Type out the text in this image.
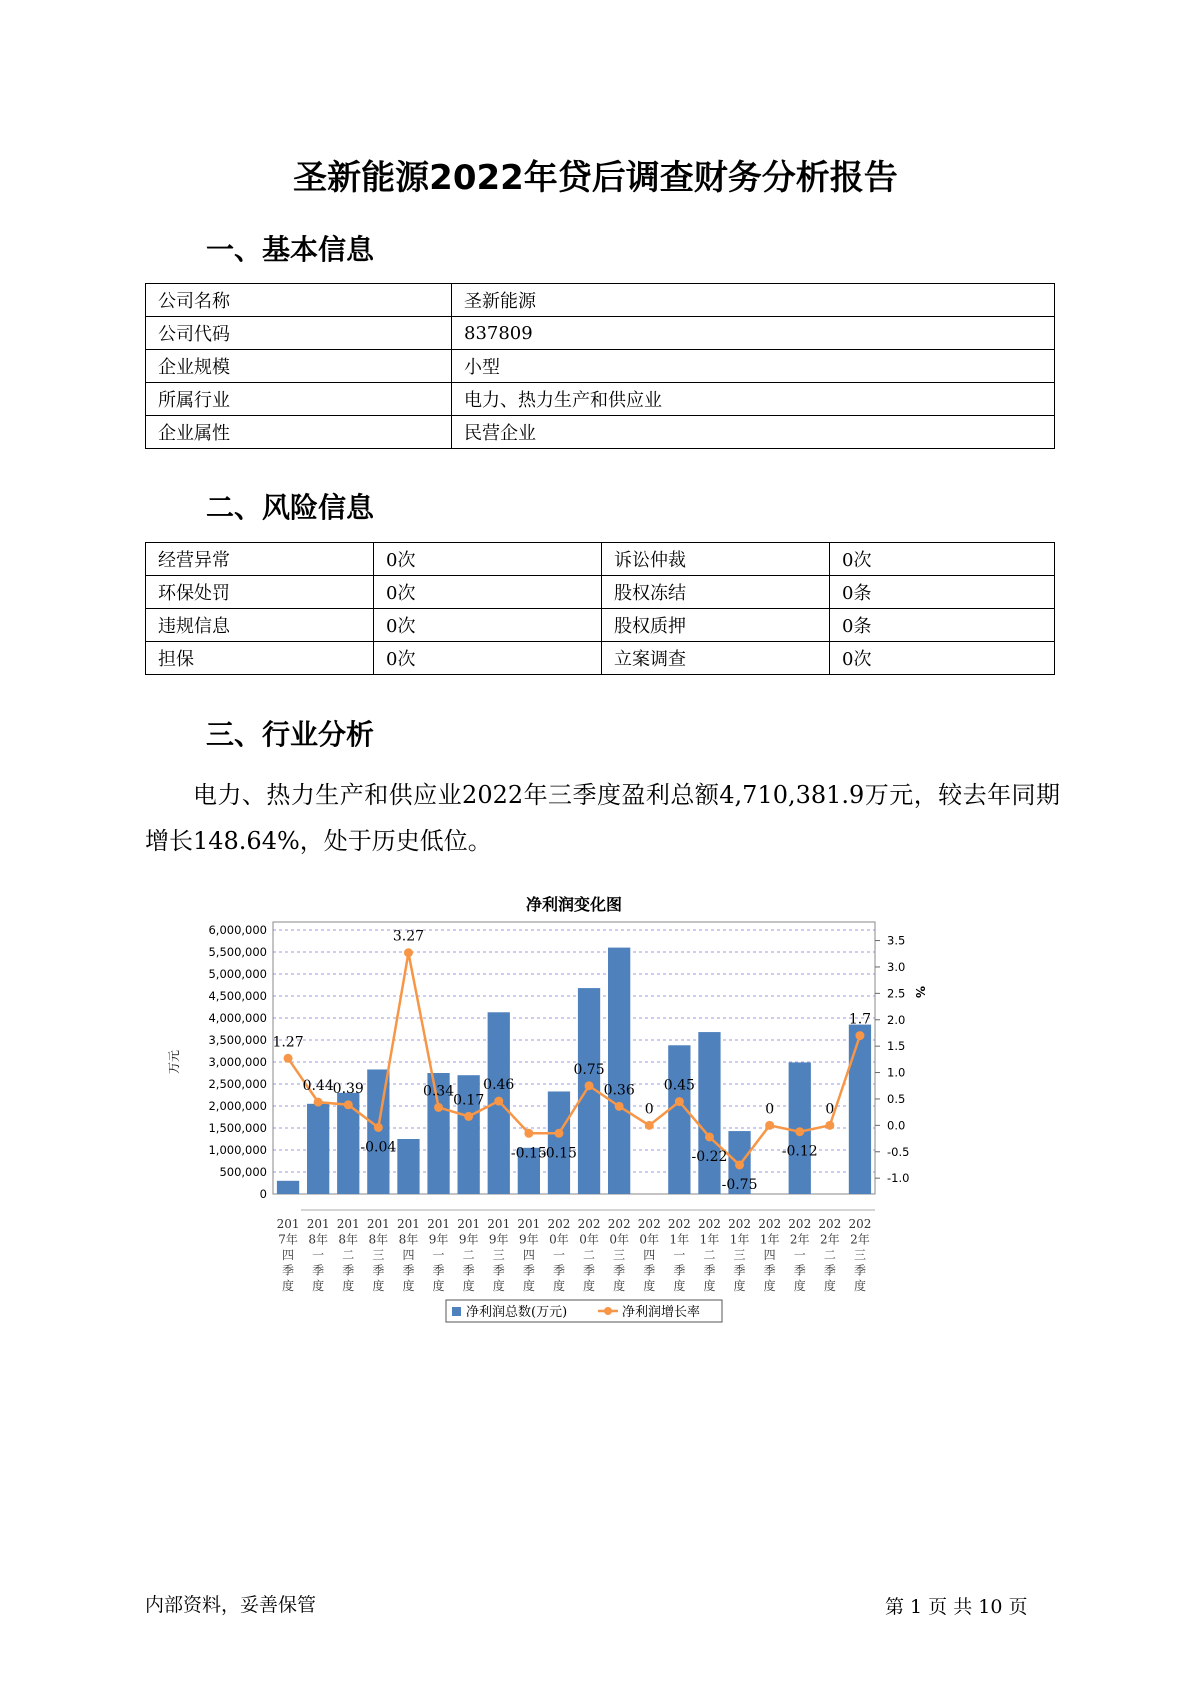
圣新能源2022年贷后调查财务分析报告
一、基本信息
公司名称	圣新能源
公司代码	837809
企业规模	小型
所属行业	电力、热力生产和供应业
企业属性	民营企业
二、风险信息
经营异常	0次	诉讼仲裁	0次
环保处罚	0次	股权冻结	0条
违规信息	0次	股权质押	0条
担保	0次	立案调查	0次
三、行业分析
电力、热力生产和供应业2022年三季度盈利总额4,710,381.9万元，较去年同期增长148.64%，处于历史低位。
净利润变化图
0
500,000
1,000,000
1,500,000
2,000,000
2,500,000
3,000,000
3,500,000
4,000,000
4,500,000
5,000,000
5,500,000
6,000,000
-1.0
-0.5
0.0
0.5
1.0
1.5
2.0
2.5
3.0
3.5
万元
%
201 7年四季度
201 8年一季度
201 8年二季度
201 8年三季度
201 8年四季度
201 9年一季度
201 9年二季度
201 9年三季度
201 9年四季度
202 0年一季度
202 0年二季度
202 0年三季度
202 0年四季度
202 1年一季度
202 1年二季度
202 1年三季度
202 1年四季度
202 2年一季度
202 2年二季度
202 2年三季度
1.27
0.44
0.39
-0.04
3.27
0.34
0.17
0.46
-0.15
-0.15
0.75
0.36
0
0.45
-0.22
-0.75
0
-0.12
0
1.7
净利润总数(万元)	净利润增长率
内部资料，妥善保管	第 1 页 共 10 页
